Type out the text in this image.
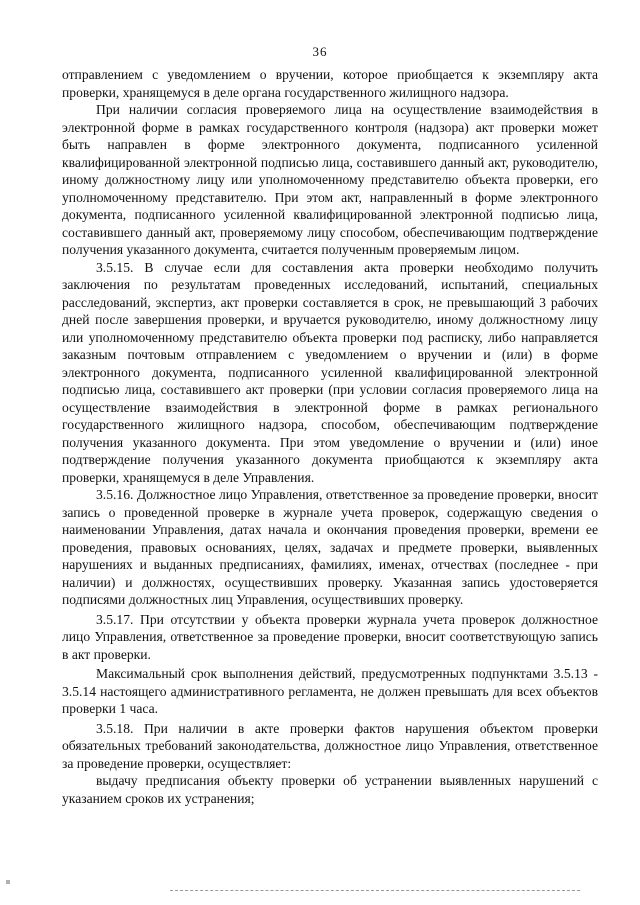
36

отправлением с уведомлением о вручении, которое приобщается к экземпляру акта проверки, хранящемуся в деле органа государственного жилищного надзора.

При наличии согласия проверяемого лица на осуществление взаимодействия в электронной форме в рамках государственного контроля (надзора) акт проверки может быть направлен в форме электронного документа, подписанного усиленной квалифицированной электронной подписью лица, составившего данный акт, руководителю, иному должностному лицу или уполномоченному представителю объекта проверки, его уполномоченному представителю. При этом акт, направленный в форме электронного документа, подписанного усиленной квалифицированной электронной подписью лица, составившего данный акт, проверяемому лицу способом, обеспечивающим подтверждение получения указанного документа, считается полученным проверяемым лицом.

3.5.15. В случае если для составления акта проверки необходимо получить заключения по результатам проведенных исследований, испытаний, специальных расследований, экспертиз, акт проверки составляется в срок, не превышающий 3 рабочих дней после завершения проверки, и вручается руководителю, иному должностному лицу или уполномоченному представителю объекта проверки под расписку, либо направляется заказным почтовым отправлением с уведомлением о вручении и (или) в форме электронного документа, подписанного усиленной квалифицированной электронной подписью лица, составившего акт проверки (при условии согласия проверяемого лица на осуществление взаимодействия в электронной форме в рамках регионального государственного жилищного надзора, способом, обеспечивающим подтверждение получения указанного документа. При этом уведомление о вручении и (или) иное подтверждение получения указанного документа приобщаются к экземпляру акта проверки, хранящемуся в деле Управления.

3.5.16. Должностное лицо Управления, ответственное за проведение проверки, вносит запись о проведенной проверке в журнале учета проверок, содержащую сведения о наименовании Управления, датах начала и окончания проведения проверки, времени ее проведения, правовых основаниях, целях, задачах и предмете проверки, выявленных нарушениях и выданных предписаниях, фамилиях, именах, отчествах (последнее - при наличии) и должностях, осуществивших проверку. Указанная запись удостоверяется подписями должностных лиц Управления, осуществивших проверку.

3.5.17. При отсутствии у объекта проверки журнала учета проверок должностное лицо Управления, ответственное за проведение проверки, вносит соответствующую запись в акт проверки.

Максимальный срок выполнения действий, предусмотренных подпунктами 3.5.13 - 3.5.14 настоящего административного регламента, не должен превышать для всех объектов проверки 1 часа.

3.5.18. При наличии в акте проверки фактов нарушения объектом проверки обязательных требований законодательства, должностное лицо Управления, ответственное за проведение проверки, осуществляет:

выдачу предписания объекту проверки об устранении выявленных нарушений с указанием сроков их устранения;
